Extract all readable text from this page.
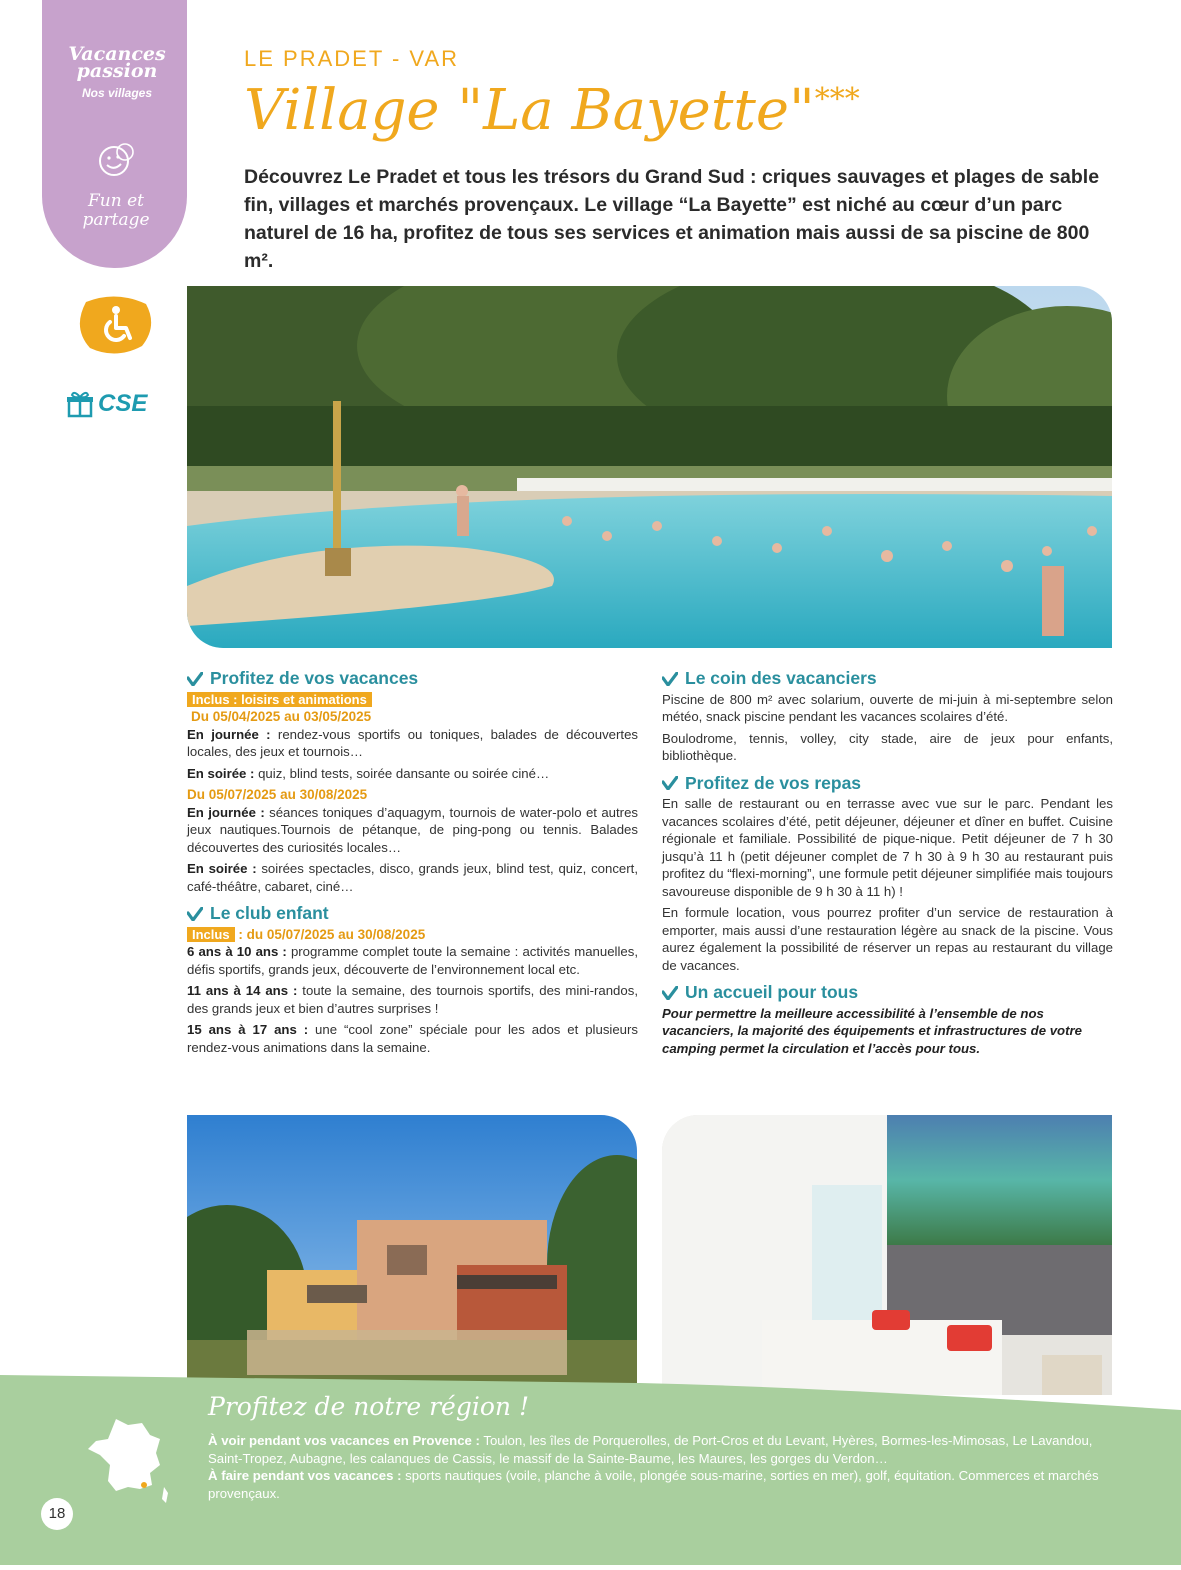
Vacances passion
Nos villages
Fun et partage
CSE
LE PRADET - VAR
Village "La Bayette"***
Découvrez Le Pradet et tous les trésors du Grand Sud : criques sauvages et plages de sable fin, villages et marchés provençaux. Le village “La Bayette” est niché au cœur d’un parc naturel de 16 ha, profitez de tous ses services et animation mais aussi de sa piscine de 800 m².
Profitez de vos vacances
Inclus : loisirs et animations
Du 05/04/2025 au 03/05/2025

En journée : rendez-vous sportifs ou toniques, balades de découvertes locales, des jeux et tournois…

En soirée : quiz, blind tests, soirée dansante ou soirée ciné…

Du 05/07/2025 au 30/08/2025

En journée : séances toniques d’aquagym, tournois de water-polo et autres jeux nautiques.Tournois de pétanque, de ping-pong ou tennis. Balades découvertes des curiosités locales…

En soirée : soirées spectacles, disco, grands jeux, blind test, quiz, concert, café-théâtre, cabaret, ciné…

Le club enfant
Inclus : du 05/07/2025 au 30/08/2025

6 ans à 10 ans : programme complet toute la semaine : activités manuelles, défis sportifs, grands jeux, découverte de l’environnement local etc.

11 ans à 14 ans : toute la semaine, des tournois sportifs, des mini-randos, des grands jeux et bien d’autres surprises !

15 ans à 17 ans : une “cool zone” spéciale pour les ados et plusieurs rendez-vous animations dans la semaine.

Le coin des vacanciers

Piscine de 800 m² avec solarium, ouverte de mi-juin à mi-septembre selon météo, snack piscine pendant les vacances scolaires d’été.

Boulodrome, tennis, volley, city stade, aire de jeux pour enfants, bibliothèque.

Profitez de vos repas

En salle de restaurant ou en terrasse avec vue sur le parc. Pendant les vacances scolaires d’été, petit déjeuner, déjeuner et dîner en buffet. Cuisine régionale et familiale. Possibilité de pique-nique. Petit déjeuner de 7 h 30 jusqu’à 11 h (petit déjeuner complet de 7 h 30 à 9 h 30 au restaurant puis profitez du “flexi-morning”, une formule petit déjeuner simplifiée mais toujours savoureuse disponible de 9 h 30 à 11 h) !

En formule location, vous pourrez profiter d’un service de restauration à emporter, mais aussi d’une restauration légère au snack de la piscine. Vous aurez également la possibilité de réserver un repas au restaurant du village de vacances.

Un accueil pour tous

Pour permettre la meilleure accessibilité à l’ensemble de nos vacanciers, la majorité des équipements et infrastructures de votre camping permet la circulation et l’accès pour tous.

Profitez de notre région !

À voir pendant vos vacances en Provence : Toulon, les îles de Porquerolles, de Port-Cros et du Levant, Hyères, Bormes-les-Mimosas, Le Lavandou, Saint-Tropez, Aubagne, les calanques de Cassis, le massif de la Sainte-Baume, les Maures, les gorges du Verdon…

À faire pendant vos vacances : sports nautiques (voile, planche à voile, plongée sous-marine, sorties en mer), golf, équitation. Commerces et marchés provençaux.

18
